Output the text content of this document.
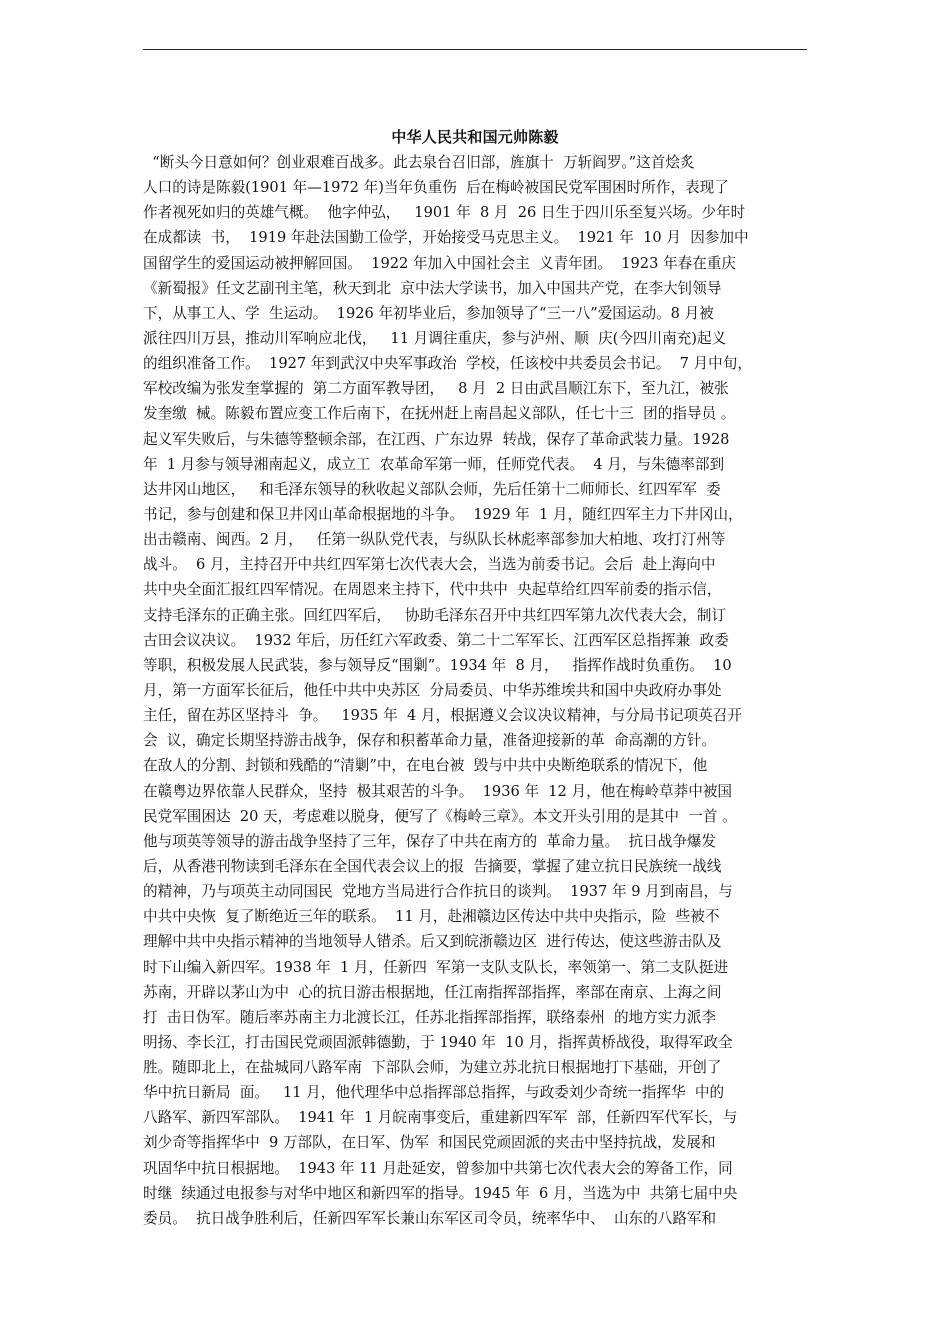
中华人民共和国元帅陈毅
“断头今日意如何？创业艰难百战多。此去泉台召旧部，旌旗十  万斩阎罗。”这首烩炙
人口的诗是陈毅(1901 年—1972 年)当年负重伤  后在梅岭被国民党军围困时所作，表现了
作者视死如归的英雄气概。  他字仲弘，   1901 年  8 月  26 日生于四川乐至复兴场。少年时
在成都读  书，  1919 年赴法国勤工俭学，开始接受马克思主义。  1921 年  10 月  因参加中
国留学生的爱国运动被押解回国。  1922 年加入中国社会主  义青年团。  1923 年春在重庆
《新蜀报》任文艺副刊主笔，秋天到北  京中法大学读书，加入中国共产党，在李大钊领导
下，从事工人、学  生运动。  1926 年初毕业后，参加领导了“三一八”爱国运动。8 月被
派往四川万县，推动川军响应北伐，   11 月调往重庆，参与泸州、顺  庆(今四川南充)起义
的组织准备工作。  1927 年到武汉中央军事政治  学校，任该校中共委员会书记。  7 月中旬，
军校改编为张发奎掌握的  第二方面军教导团，   8 月  2 日由武昌顺江东下，至九江，被张
发奎缴  械。陈毅布置应变工作后南下，在抚州赶上南昌起义部队，任七十三  团的指导员 。
起义军失败后，与朱德等整顿余部，在江西、广东边界  转战，保存了革命武装力量。1928
年  1 月参与领导湘南起义，成立工  农革命军第一师，任师党代表。  4 月，与朱德率部到
达井冈山地区，   和毛泽东领导的秋收起义部队会师，先后任第十二师师长、红四军军  委
书记，参与创建和保卫井冈山革命根据地的斗争。  1929 年  1 月，随红四军主力下井冈山，
出击赣南、闽西。2 月，   任第一纵队党代表，与纵队长林彪率部参加大柏地、攻打汀州等
战斗。  6 月，主持召开中共红四军第七次代表大会，当选为前委书记。会后  赴上海向中
共中央全面汇报红四军情况。在周恩来主持下，代中共中  央起草给红四军前委的指示信，
支持毛泽东的正确主张。回红四军后，   协助毛泽东召开中共红四军第九次代表大会，制订
古田会议决议。  1932 年后，历任红六军政委、第二十二军军长、江西军区总指挥兼  政委
等职，积极发展人民武装，参与领导反“围剿”。1934 年  8 月，   指挥作战时负重伤。  10
月，第一方面军长征后，他任中共中央苏区  分局委员、中华苏维埃共和国中央政府办事处
主任，留在苏区坚持斗  争。   1935 年  4 月，根据遵义会议决议精神，与分局书记项英召开
会  议，确定长期坚持游击战争，保存和积蓄革命力量，准备迎接新的革  命高潮的方针。
在敌人的分割、封锁和残酷的“清剿”中，在电台被  毁与中共中央断绝联系的情况下，他
在赣粤边界依靠人民群众，坚持  极其艰苦的斗争。  1936 年  12 月，他在梅岭草莽中被国
民党军围困达  20 天，考虑难以脱身，便写了《梅岭三章》。本文开头引用的是其中  一首 。
他与项英等领导的游击战争坚持了三年，保存了中共在南方的  革命力量。  抗日战争爆发
后，从香港刊物读到毛泽东在全国代表会议上的报  告摘要，掌握了建立抗日民族统一战线
的精神，乃与项英主动同国民  党地方当局进行合作抗日的谈判。  1937 年 9 月到南昌，与
中共中央恢  复了断绝近三年的联系。  11 月，赴湘赣边区传达中共中央指示，险  些被不
理解中共中央指示精神的当地领导人错杀。后又到皖浙赣边区  进行传达，使这些游击队及
时下山编入新四军。1938 年  1 月，任新四  军第一支队支队长，率领第一、第二支队挺进
苏南，开辟以茅山为中  心的抗日游击根据地，任江南指挥部指挥，率部在南京、上海之间
打  击日伪军。随后率苏南主力北渡长江，任苏北指挥部指挥，联络泰州  的地方实力派李
明扬、李长江，打击国民党顽固派韩德勤，于 1940 年  10 月，指挥黄桥战役，取得军政全
胜。随即北上，在盐城同八路军南  下部队会师，为建立苏北抗日根据地打下基础，开创了
华中抗日新局  面。   11 月，他代理华中总指挥部总指挥，与政委刘少奇统一指挥华  中的
八路军、新四军部队。  1941 年  1 月皖南事变后，重建新四军军  部，任新四军代军长，与
刘少奇等指挥华中  9 万部队，在日军、伪军  和国民党顽固派的夹击中坚持抗战，发展和
巩固华中抗日根据地。  1943 年 11 月赴延安，曾参加中共第七次代表大会的筹备工作，同
时继  续通过电报参与对华中地区和新四军的指导。1945 年  6 月，当选为中  共第七届中央
委员。  抗日战争胜利后，任新四军军长兼山东军区司令员，统率华中、  山东的八路军和
